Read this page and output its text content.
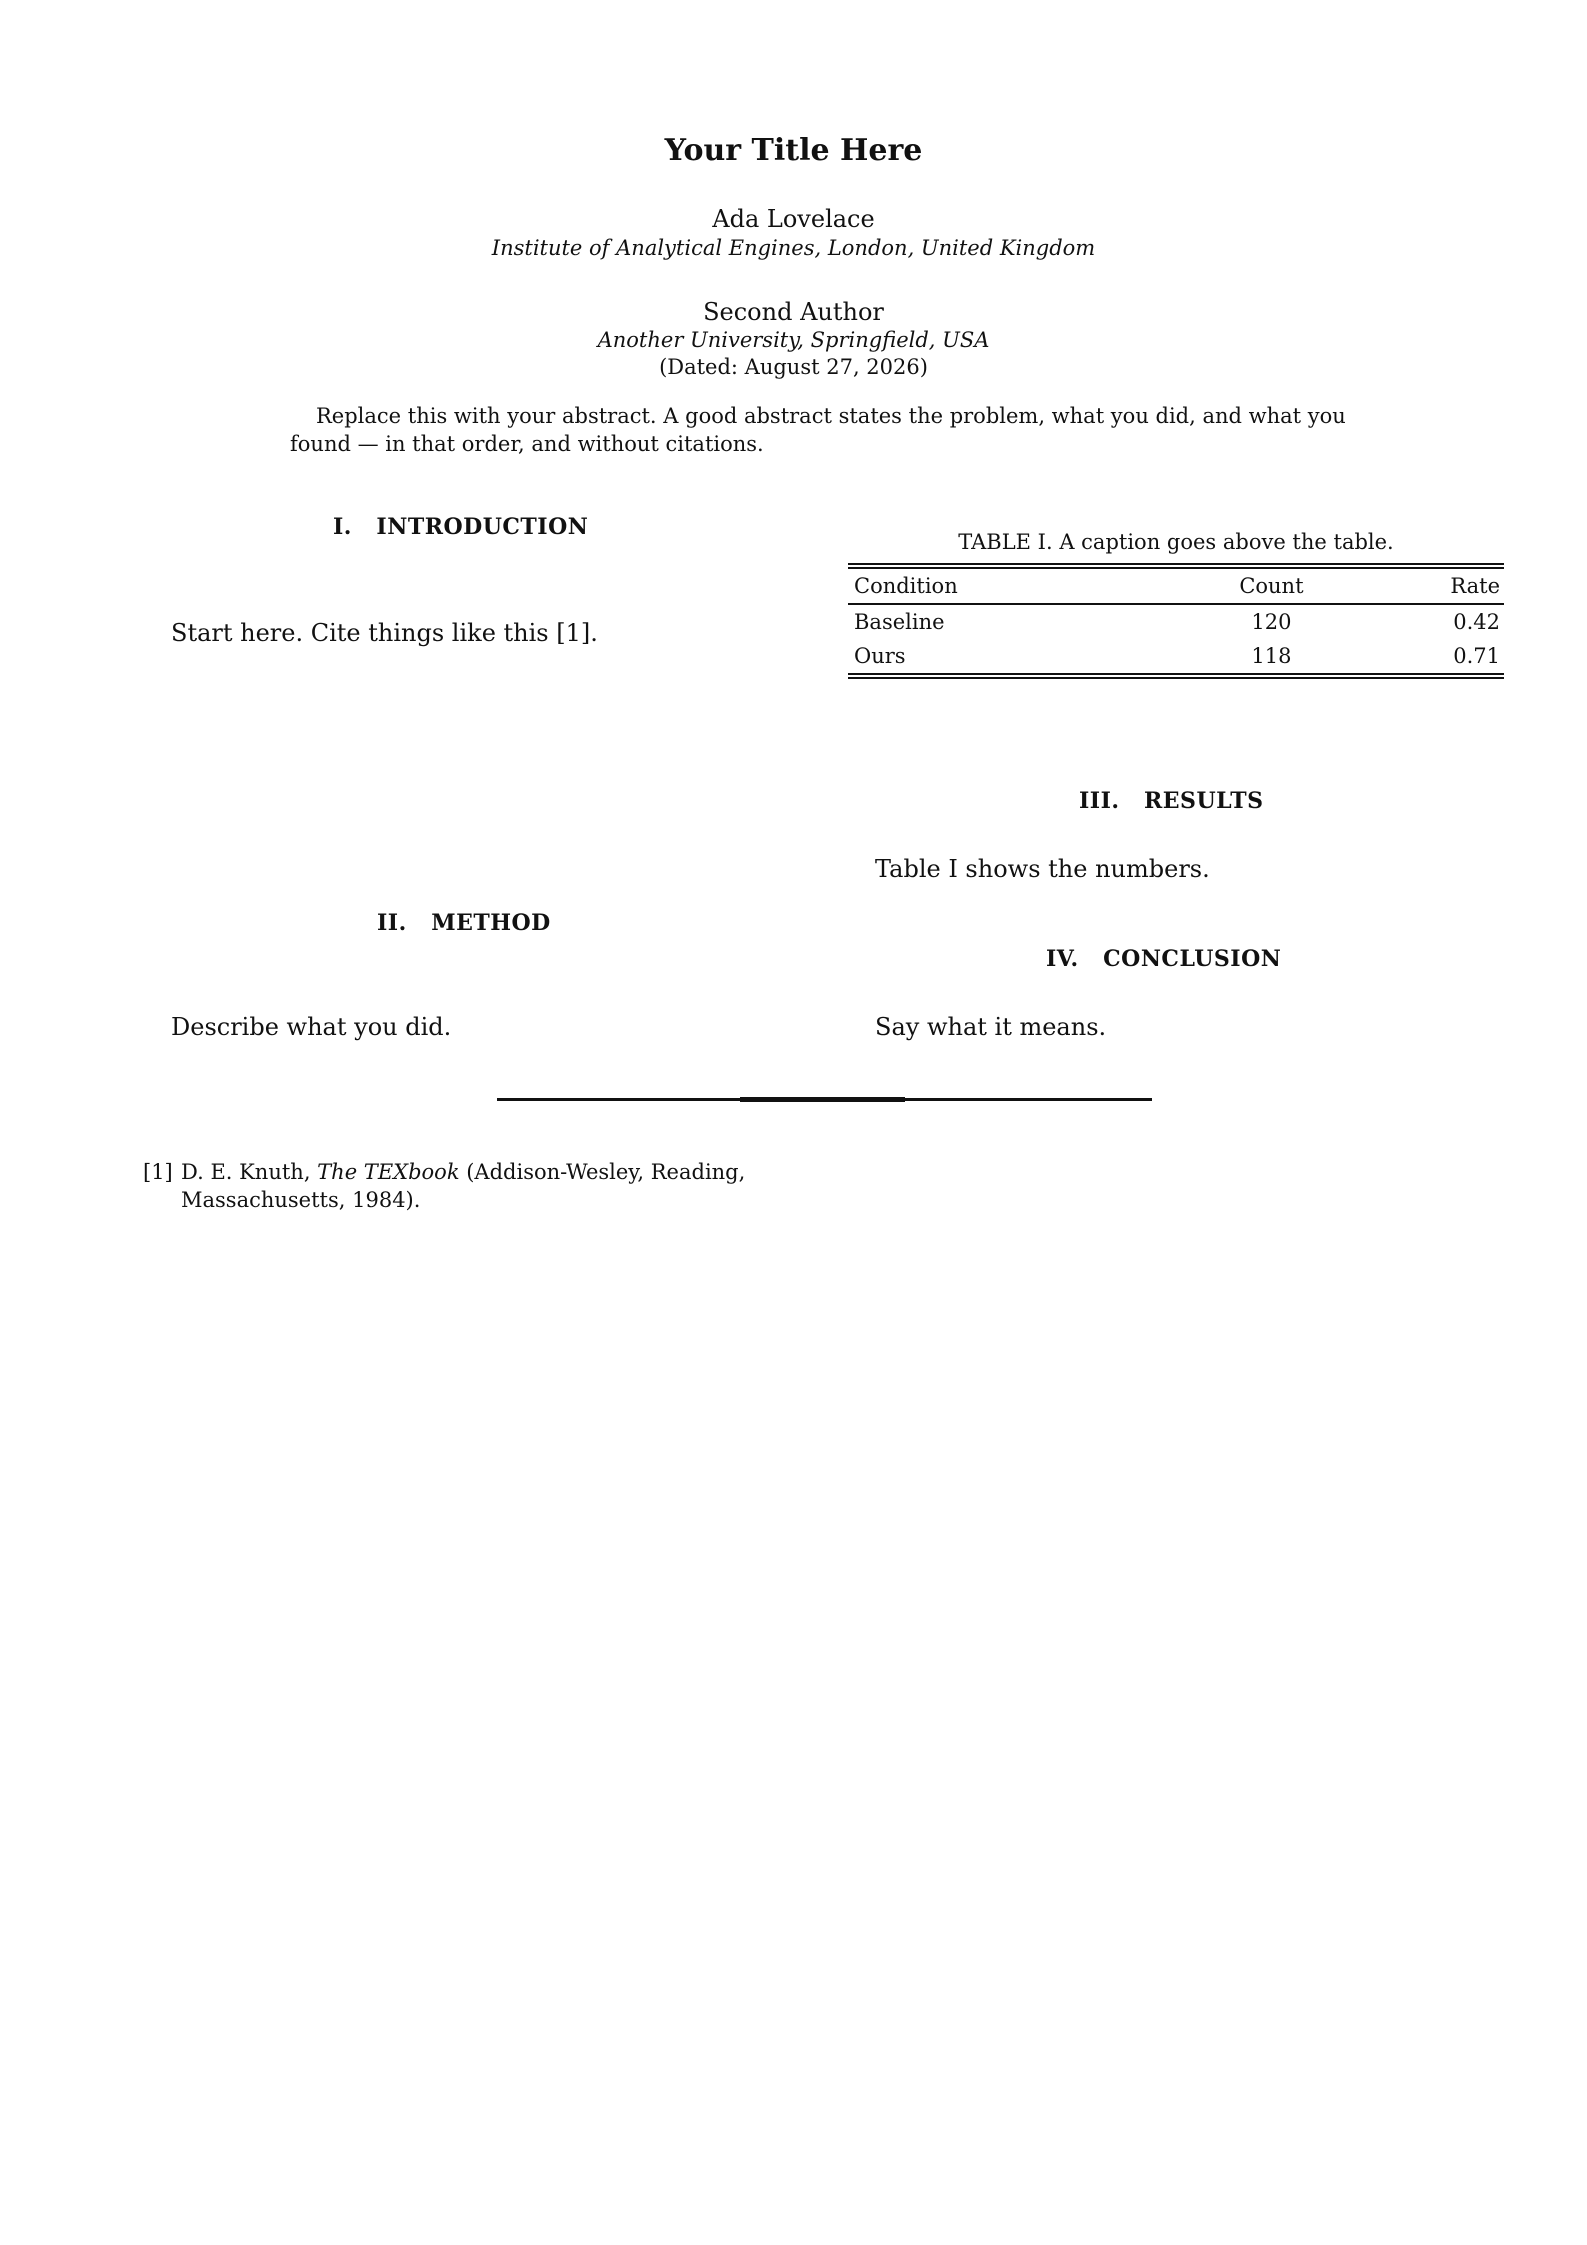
Your Title Here
Ada Lovelace
Institute of Analytical Engines, London, United Kingdom
Second Author
Another University, Springfield, USA
(Dated: August 27, 2026)
Replace this with your abstract. A good abstract states the problem, what you did, and what you found — in that order, and without citations.
I.   INTRODUCTION
Start here. Cite things like this [1].
II.   METHOD
Describe what you did.
TABLE I. A caption goes above the table.
Condition	Count	Rate
Baseline	120	0.42
Ours	118	0.71
III.   RESULTS
Table I shows the numbers.
IV.   CONCLUSION
Say what it means.
[1] D. E. Knuth, The TEXbook (Addison-Wesley, Reading, Massachusetts, 1984).
